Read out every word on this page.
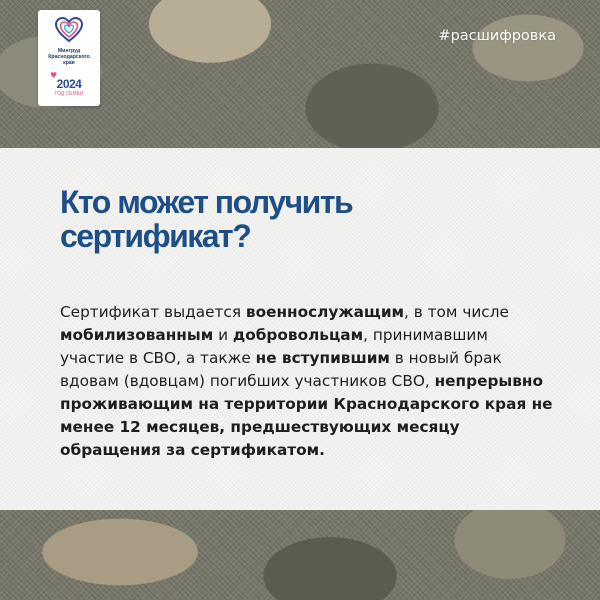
Минтруд
Краснодарского
края
♥
2024
ГОД СЕМЬИ
#расшифровка
Кто может получить
сертификат?
Сертификат выдается военнослужащим, в том числе мобилизованным и добровольцам, принимавшим участие в СВО, а также не вступившим в новый брак вдовам (вдовцам) погибших участников СВО, непрерывно проживающим на территории Краснодарского края не менее 12 месяцев, предшествующих месяцу обращения за сертификатом.
